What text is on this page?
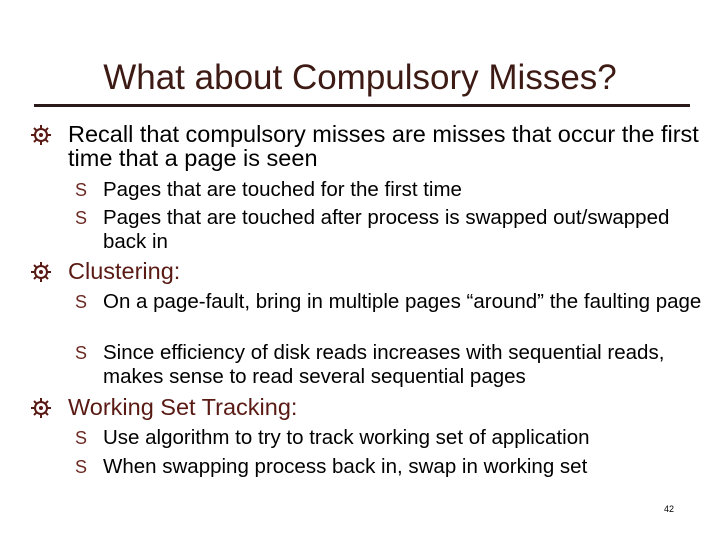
What about Compulsory Misses?
Recall that compulsory misses are misses that occur the first time that a page is seen
S Pages that are touched for the first time
S Pages that are touched after process is swapped out/swapped back in
Clustering:
S On a page-fault, bring in multiple pages “around” the faulting page
S Since efficiency of disk reads increases with sequential reads, makes sense to read several sequential pages
Working Set Tracking:
S Use algorithm to try to track working set of application
S When swapping process back in, swap in working set
42
